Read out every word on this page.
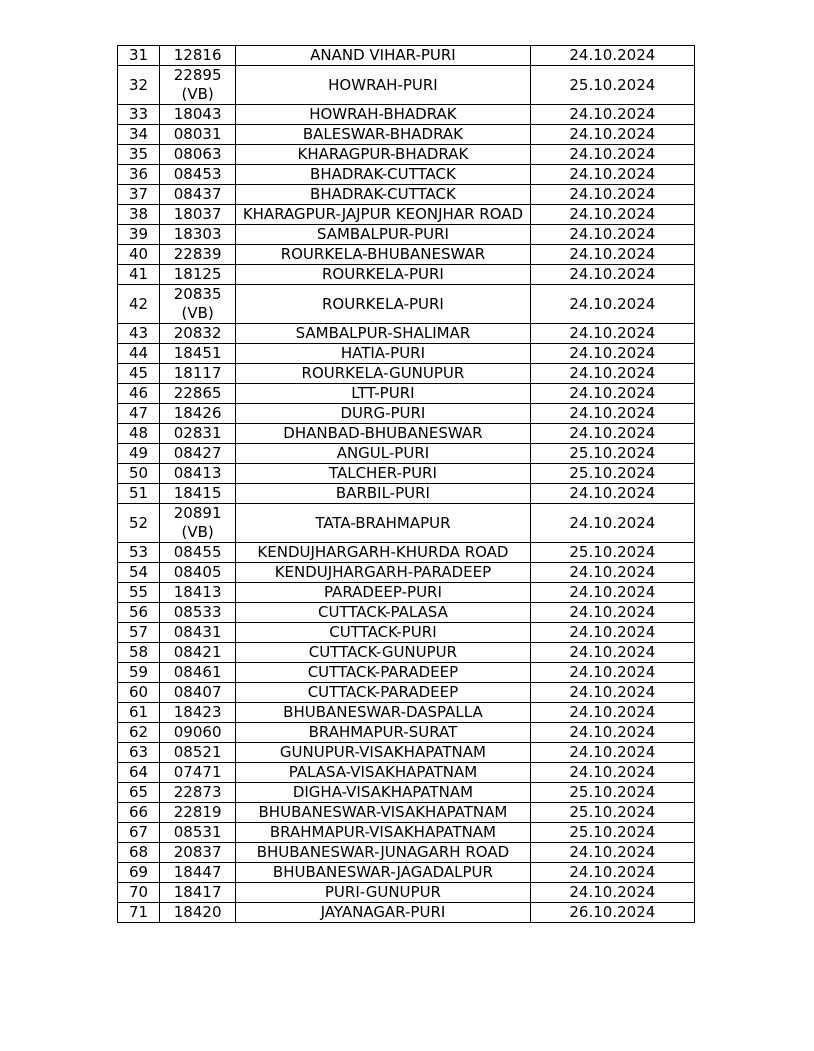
31	12816	ANAND VIHAR-PURI	24.10.2024
32	22895 (VB)	HOWRAH-PURI	25.10.2024
33	18043	HOWRAH-BHADRAK	24.10.2024
34	08031	BALESWAR-BHADRAK	24.10.2024
35	08063	KHARAGPUR-BHADRAK	24.10.2024
36	08453	BHADRAK-CUTTACK	24.10.2024
37	08437	BHADRAK-CUTTACK	24.10.2024
38	18037	KHARAGPUR-JAJPUR KEONJHAR ROAD	24.10.2024
39	18303	SAMBALPUR-PURI	24.10.2024
40	22839	ROURKELA-BHUBANESWAR	24.10.2024
41	18125	ROURKELA-PURI	24.10.2024
42	20835 (VB)	ROURKELA-PURI	24.10.2024
43	20832	SAMBALPUR-SHALIMAR	24.10.2024
44	18451	HATIA-PURI	24.10.2024
45	18117	ROURKELA-GUNUPUR	24.10.2024
46	22865	LTT-PURI	24.10.2024
47	18426	DURG-PURI	24.10.2024
48	02831	DHANBAD-BHUBANESWAR	24.10.2024
49	08427	ANGUL-PURI	25.10.2024
50	08413	TALCHER-PURI	25.10.2024
51	18415	BARBIL-PURI	24.10.2024
52	20891 (VB)	TATA-BRAHMAPUR	24.10.2024
53	08455	KENDUJHARGARH-KHURDA ROAD	25.10.2024
54	08405	KENDUJHARGARH-PARADEEP	24.10.2024
55	18413	PARADEEP-PURI	24.10.2024
56	08533	CUTTACK-PALASA	24.10.2024
57	08431	CUTTACK-PURI	24.10.2024
58	08421	CUTTACK-GUNUPUR	24.10.2024
59	08461	CUTTACK-PARADEEP	24.10.2024
60	08407	CUTTACK-PARADEEP	24.10.2024
61	18423	BHUBANESWAR-DASPALLA	24.10.2024
62	09060	BRAHMAPUR-SURAT	24.10.2024
63	08521	GUNUPUR-VISAKHAPATNAM	24.10.2024
64	07471	PALASA-VISAKHAPATNAM	24.10.2024
65	22873	DIGHA-VISAKHAPATNAM	25.10.2024
66	22819	BHUBANESWAR-VISAKHAPATNAM	25.10.2024
67	08531	BRAHMAPUR-VISAKHAPATNAM	25.10.2024
68	20837	BHUBANESWAR-JUNAGARH ROAD	24.10.2024
69	18447	BHUBANESWAR-JAGADALPUR	24.10.2024
70	18417	PURI-GUNUPUR	24.10.2024
71	18420	JAYANAGAR-PURI	26.10.2024
